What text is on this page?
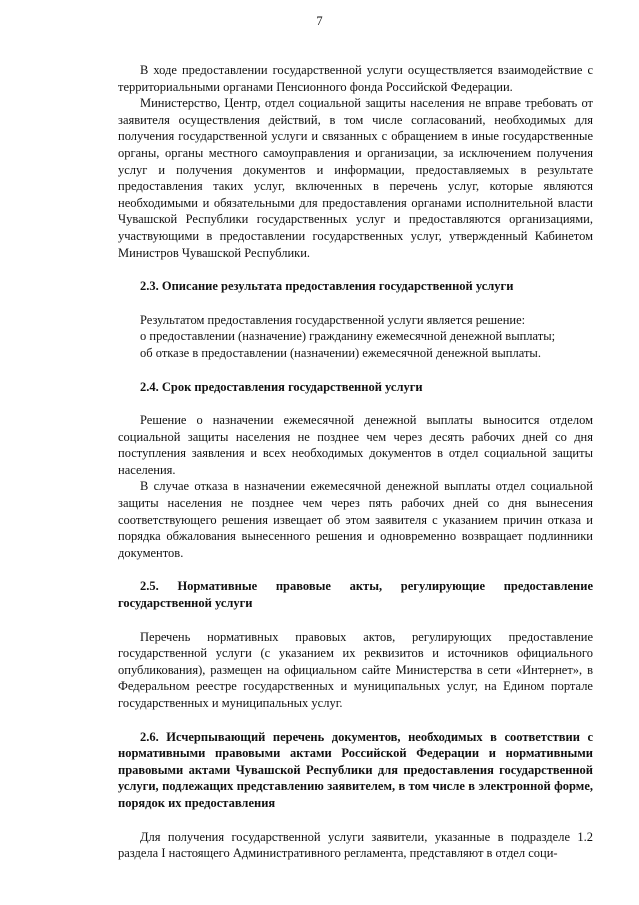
7

В ходе предоставлении государственной услуги осуществляется взаимодействие с территориальными органами Пенсионного фонда Российской Федерации.

Министерство, Центр, отдел социальной защиты населения не вправе требовать от заявителя осуществления действий, в том числе согласований, необходимых для получения государственной услуги и связанных с обращением в иные государственные органы, органы местного самоуправления и организации, за исключением получения услуг и получения документов и информации, предоставляемых в результате предоставления таких услуг, включенных в перечень услуг, которые являются необходимыми и обязательными для предоставления органами исполнительной власти Чувашской Республики государственных услуг и предоставляются организациями, участвующими в предоставлении государственных услуг, утвержденный Кабинетом Министров Чувашской Республики.

2.3. Описание результата предоставления государственной услуги

Результатом предоставления государственной услуги является решение:

о предоставлении (назначение) гражданину ежемесячной денежной выплаты;

об отказе в предоставлении (назначении) ежемесячной денежной выплаты.

2.4. Срок предоставления государственной услуги

Решение о назначении ежемесячной денежной выплаты выносится отделом социальной защиты населения не позднее чем через десять рабочих дней со дня поступления заявления и всех необходимых документов в отдел социальной защиты населения.

В случае отказа в назначении ежемесячной денежной выплаты отдел социальной защиты населения не позднее чем через пять рабочих дней со дня вынесения соответствующего решения извещает об этом заявителя с указанием причин отказа и порядка обжалования вынесенного решения и одновременно возвращает подлинники документов.

2.5. Нормативные правовые акты, регулирующие предоставление государственной услуги

Перечень нормативных правовых актов, регулирующих предоставление государственной услуги (с указанием их реквизитов и источников официального опубликования), размещен на официальном сайте Министерства в сети «Интернет», в Федеральном реестре государственных и муниципальных услуг, на Едином портале государственных и муниципальных услуг.

2.6. Исчерпывающий перечень документов, необходимых в соответствии с нормативными правовыми актами Российской Федерации и нормативными правовыми актами Чувашской Республики для предоставления государственной услуги, подлежащих представлению заявителем, в том числе в электронной форме, порядок их предоставления

Для получения государственной услуги заявители, указанные в подразделе 1.2 раздела I настоящего Административного регламента, представляют в отдел соци-
